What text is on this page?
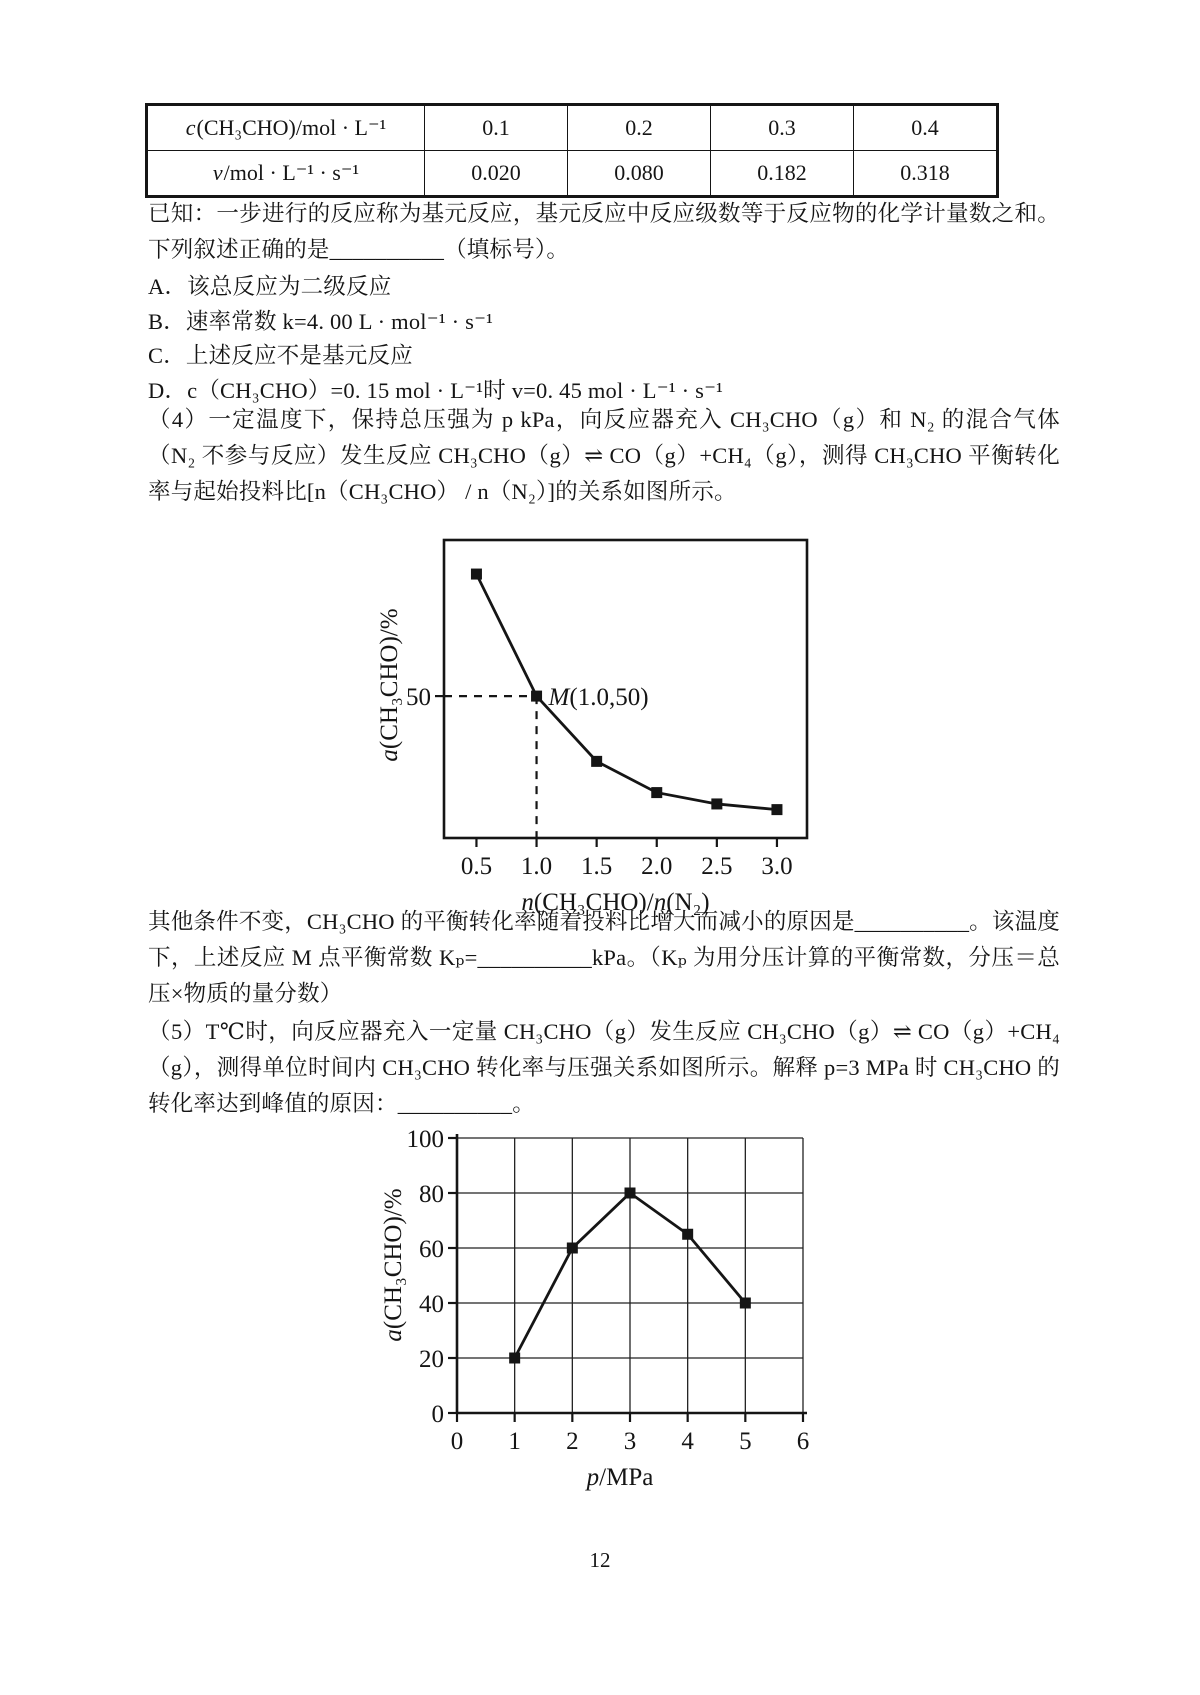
c(CH₃CHO)/mol · L⁻¹	0.1	0.2	0.3	0.4
v/mol · L⁻¹ · s⁻¹	0.020	0.080	0.182	0.318
已知：一步进行的反应称为基元反应，基元反应中反应级数等于反应物的化学计量数之和。下列叙述正确的是__________（填标号）。
A．该总反应为二级反应
B．速率常数 k=4. 00 L · mol⁻¹ · s⁻¹
C．上述反应不是基元反应
D．c（CH₃CHO）=0. 15 mol · L⁻¹时 v=0. 45 mol · L⁻¹ · s⁻¹
（4）一定温度下，保持总压强为 p kPa，向反应器充入 CH₃CHO（g）和 N₂ 的混合气体（N₂ 不参与反应）发生反应 CH₃CHO（g）⇌ CO（g）+CH₄（g），测得 CH₃CHO 平衡转化率与起始投料比[n（CH₃CHO） / n（N₂）]的关系如图所示。
0.5 1.0 1.5 2.0 2.5 3.0
50	M(1.0,50)
n(CH₃CHO)/n(N₂)
a(CH₃CHO)/%
其他条件不变，CH₃CHO 的平衡转化率随着投料比增大而减小的原因是__________。该温度下，上述反应 M 点平衡常数 Kₚ=__________kPa。（Kₚ 为用分压计算的平衡常数，分压＝总压×物质的量分数）
（5）T℃时，向反应器充入一定量 CH₃CHO（g）发生反应 CH₃CHO（g）⇌ CO（g）+CH₄（g），测得单位时间内 CH₃CHO 转化率与压强关系如图所示。解释 p=3 MPa 时 CH₃CHO 的转化率达到峰值的原因：__________。
0 1 2 3 4 5 6
0
20
40
60
80
100
p/MPa
a(CH₃CHO)/%
12
